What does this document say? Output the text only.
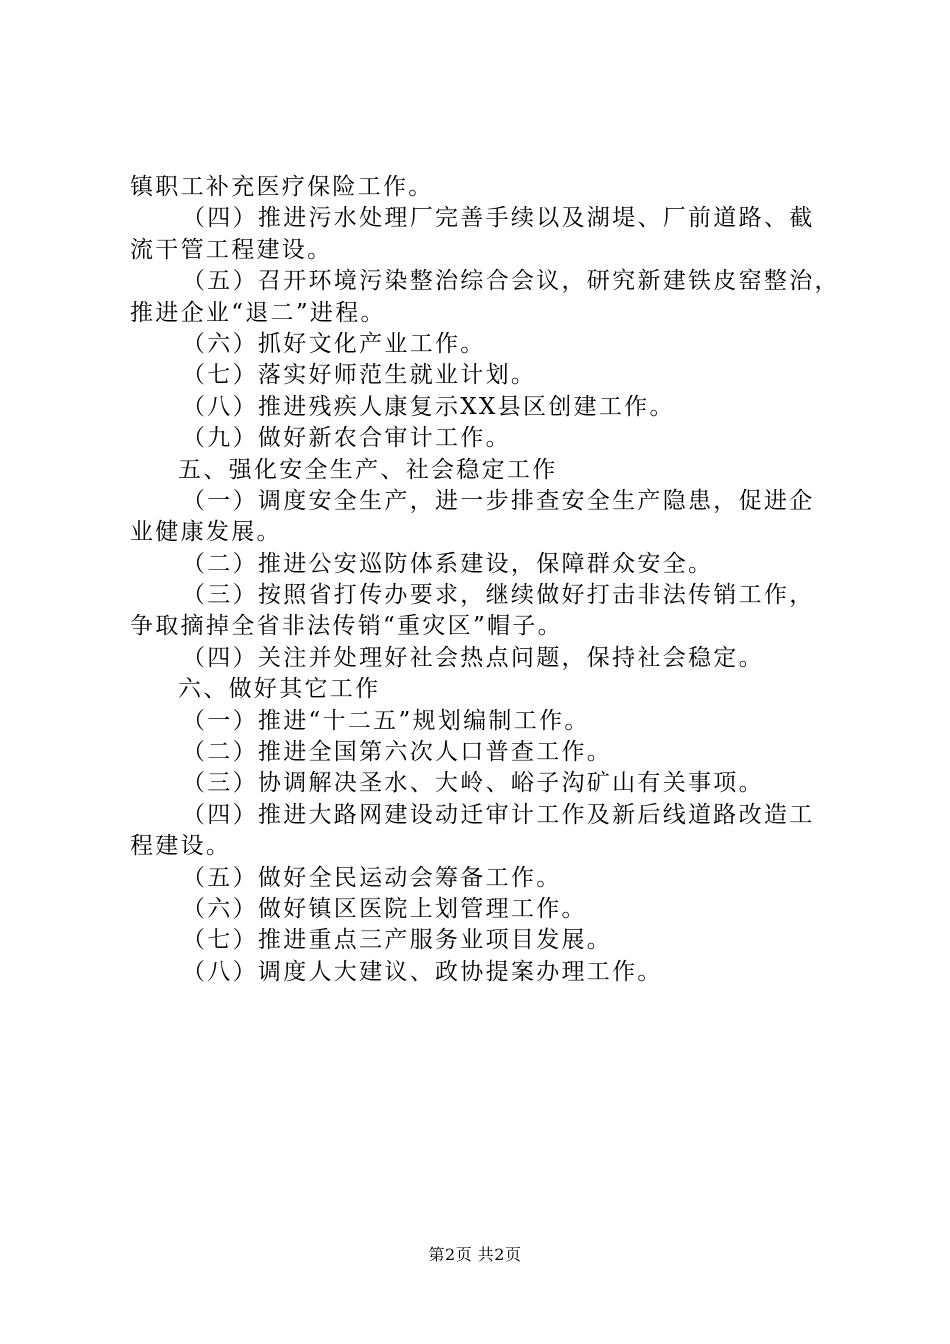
镇职工补充医疗保险工作。
（四）推进污水处理厂完善手续以及湖堤、厂前道路、截
流干管工程建设。
（五）召开环境污染整治综合会议，研究新建铁皮窑整治，
推进企业“退二”进程。
（六）抓好文化产业工作。
（七）落实好师范生就业计划。
（八）推进残疾人康复示XX县区创建工作。
（九）做好新农合审计工作。
五、强化安全生产、社会稳定工作
（一）调度安全生产，进一步排查安全生产隐患，促进企
业健康发展。
（二）推进公安巡防体系建设，保障群众安全。
（三）按照省打传办要求，继续做好打击非法传销工作，
争取摘掉全省非法传销“重灾区”帽子。
（四）关注并处理好社会热点问题，保持社会稳定。
六、做好其它工作
（一）推进“十二五”规划编制工作。
（二）推进全国第六次人口普查工作。
（三）协调解决圣水、大岭、峪子沟矿山有关事项。
（四）推进大路网建设动迁审计工作及新后线道路改造工
程建设。
（五）做好全民运动会筹备工作。
（六）做好镇区医院上划管理工作。
（七）推进重点三产服务业项目发展。
（八）调度人大建议、政协提案办理工作。
第2页 共2页
